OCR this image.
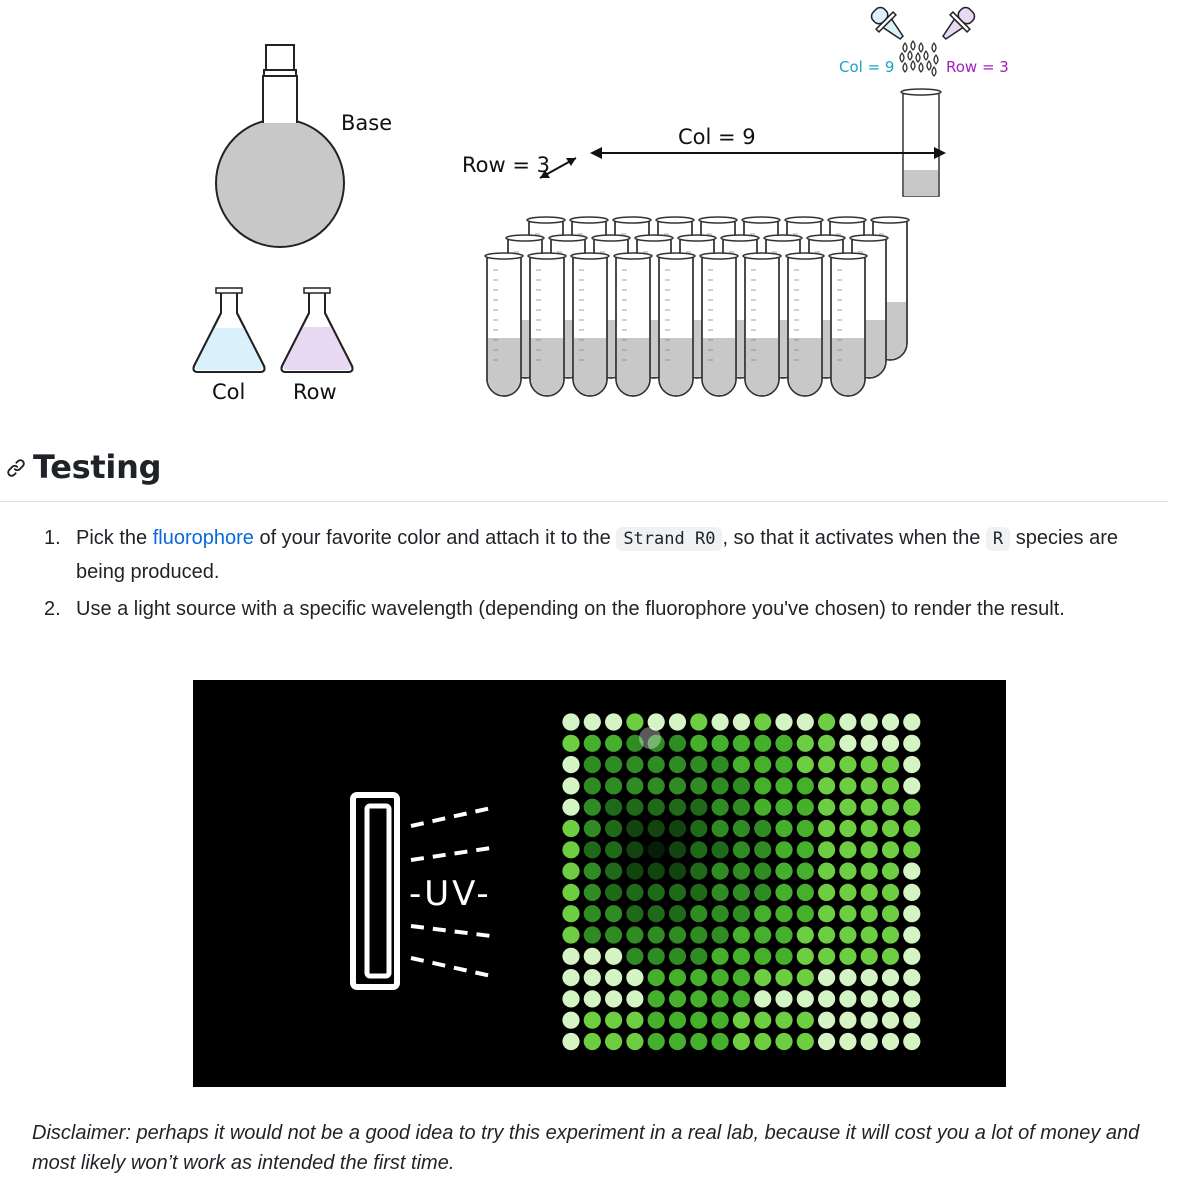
Base
Col Row
Row = 3
Col = 9
Col = 9	Row = 3
Testing
1. Pick the fluorophore of your favorite color and attach it to the Strand R0 , so that it activates when the R species are being produced.
2. Use a light source with a specific wavelength (depending on the fluorophore you've chosen) to render the result.
-UV-

Disclaimer: perhaps it would not be a good idea to try this experiment in a real lab, because it will cost you a lot of money and most likely won’t work as intended the first time.
